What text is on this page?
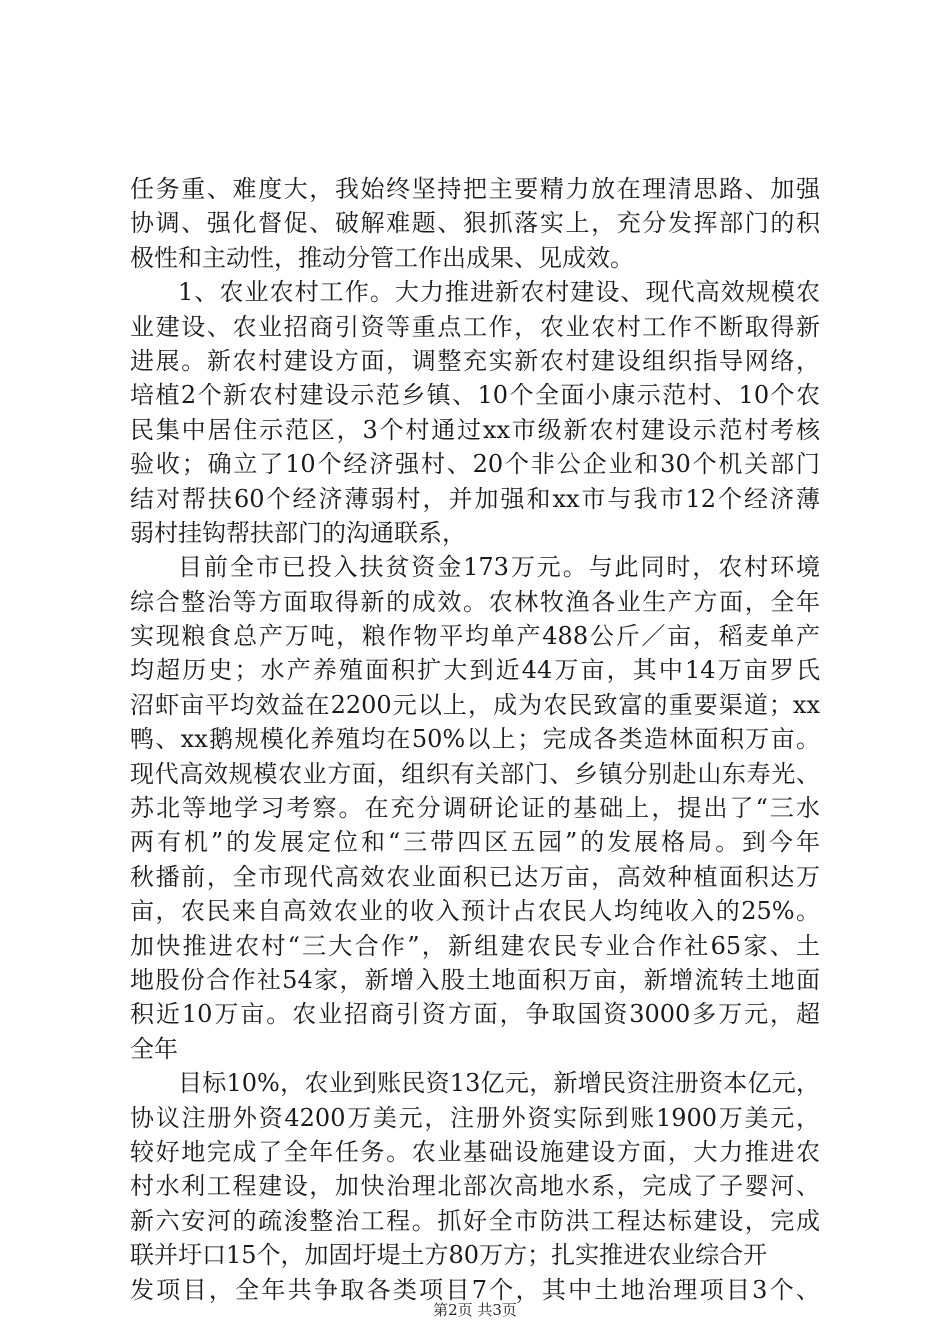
任务重、难度大，我始终坚持把主要精力放在理清思路、加强
协调、强化督促、破解难题、狠抓落实上，充分发挥部门的积
极性和主动性，推动分管工作出成果、见成效。
1、农业农村工作。大力推进新农村建设、现代高效规模农
业建设、农业招商引资等重点工作，农业农村工作不断取得新
进展。新农村建设方面，调整充实新农村建设组织指导网络，
培植2个新农村建设示范乡镇、10个全面小康示范村、10个农
民集中居住示范区，3个村通过xx市级新农村建设示范村考核
验收；确立了10个经济强村、20个非公企业和30个机关部门
结对帮扶60个经济薄弱村，并加强和xx市与我市12个经济薄
弱村挂钩帮扶部门的沟通联系，
目前全市已投入扶贫资金173万元。与此同时，农村环境
综合整治等方面取得新的成效。农林牧渔各业生产方面，全年
实现粮食总产万吨，粮作物平均单产488公斤／亩，稻麦单产
均超历史；水产养殖面积扩大到近44万亩，其中14万亩罗氏
沼虾亩平均效益在2200元以上，成为农民致富的重要渠道；xx
鸭、xx鹅规模化养殖均在50%以上；完成各类造林面积万亩。
现代高效规模农业方面，组织有关部门、乡镇分别赴山东寿光、
苏北等地学习考察。在充分调研论证的基础上，提出了“三水
两有机”的发展定位和“三带四区五园”的发展格局。到今年
秋播前，全市现代高效农业面积已达万亩，高效种植面积达万
亩，农民来自高效农业的收入预计占农民人均纯收入的25%。
加快推进农村“三大合作”，新组建农民专业合作社65家、土
地股份合作社54家，新增入股土地面积万亩，新增流转土地面
积近10万亩。农业招商引资方面，争取国资3000多万元，超
全年
目标10%，农业到账民资13亿元，新增民资注册资本亿元，
协议注册外资4200万美元，注册外资实际到账1900万美元，
较好地完成了全年任务。农业基础设施建设方面，大力推进农
村水利工程建设，加快治理北部次高地水系，完成了子婴河、
新六安河的疏浚整治工程。抓好全市防洪工程达标建设，完成
联并圩口15个，加固圩堤土方80万方；扎实推进农业综合开
发项目，全年共争取各类项目7个，其中土地治理项目3个、
第2页 共3页
